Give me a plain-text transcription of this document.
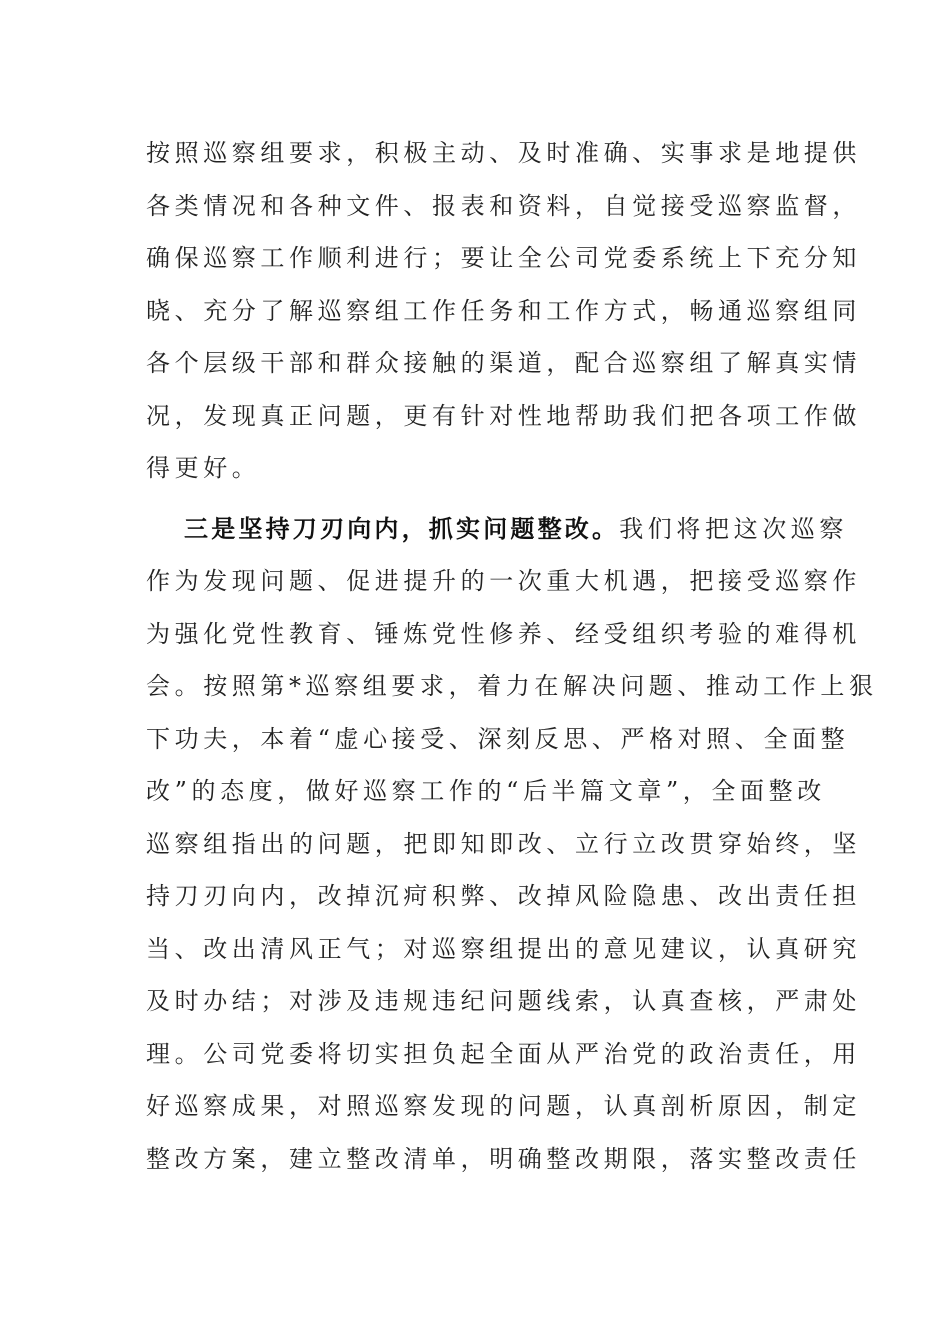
按照巡察组要求，积极主动、及时准确、实事求是地提供
各类情况和各种文件、报表和资料，自觉接受巡察监督，
确保巡察工作顺利进行；要让全公司党委系统上下充分知
晓、充分了解巡察组工作任务和工作方式，畅通巡察组同
各个层级干部和群众接触的渠道，配合巡察组了解真实情
况，发现真正问题，更有针对性地帮助我们把各项工作做
得更好。
三是坚持刀刃向内，抓实问题整改。我们将把这次巡察
作为发现问题、促进提升的一次重大机遇，把接受巡察作
为强化党性教育、锤炼党性修养、经受组织考验的难得机
会。按照第*巡察组要求，着力在解决问题、推动工作上狠
下功夫，本着“虚心接受、深刻反思、严格对照、全面整
改”的态度，做好巡察工作的“后半篇文章”，全面整改
巡察组指出的问题，把即知即改、立行立改贯穿始终，坚
持刀刃向内，改掉沉疴积弊、改掉风险隐患、改出责任担
当、改出清风正气；对巡察组提出的意见建议，认真研究
及时办结；对涉及违规违纪问题线索，认真查核，严肃处
理。公司党委将切实担负起全面从严治党的政治责任，用
好巡察成果，对照巡察发现的问题，认真剖析原因，制定
整改方案，建立整改清单，明确整改期限，落实整改责任
